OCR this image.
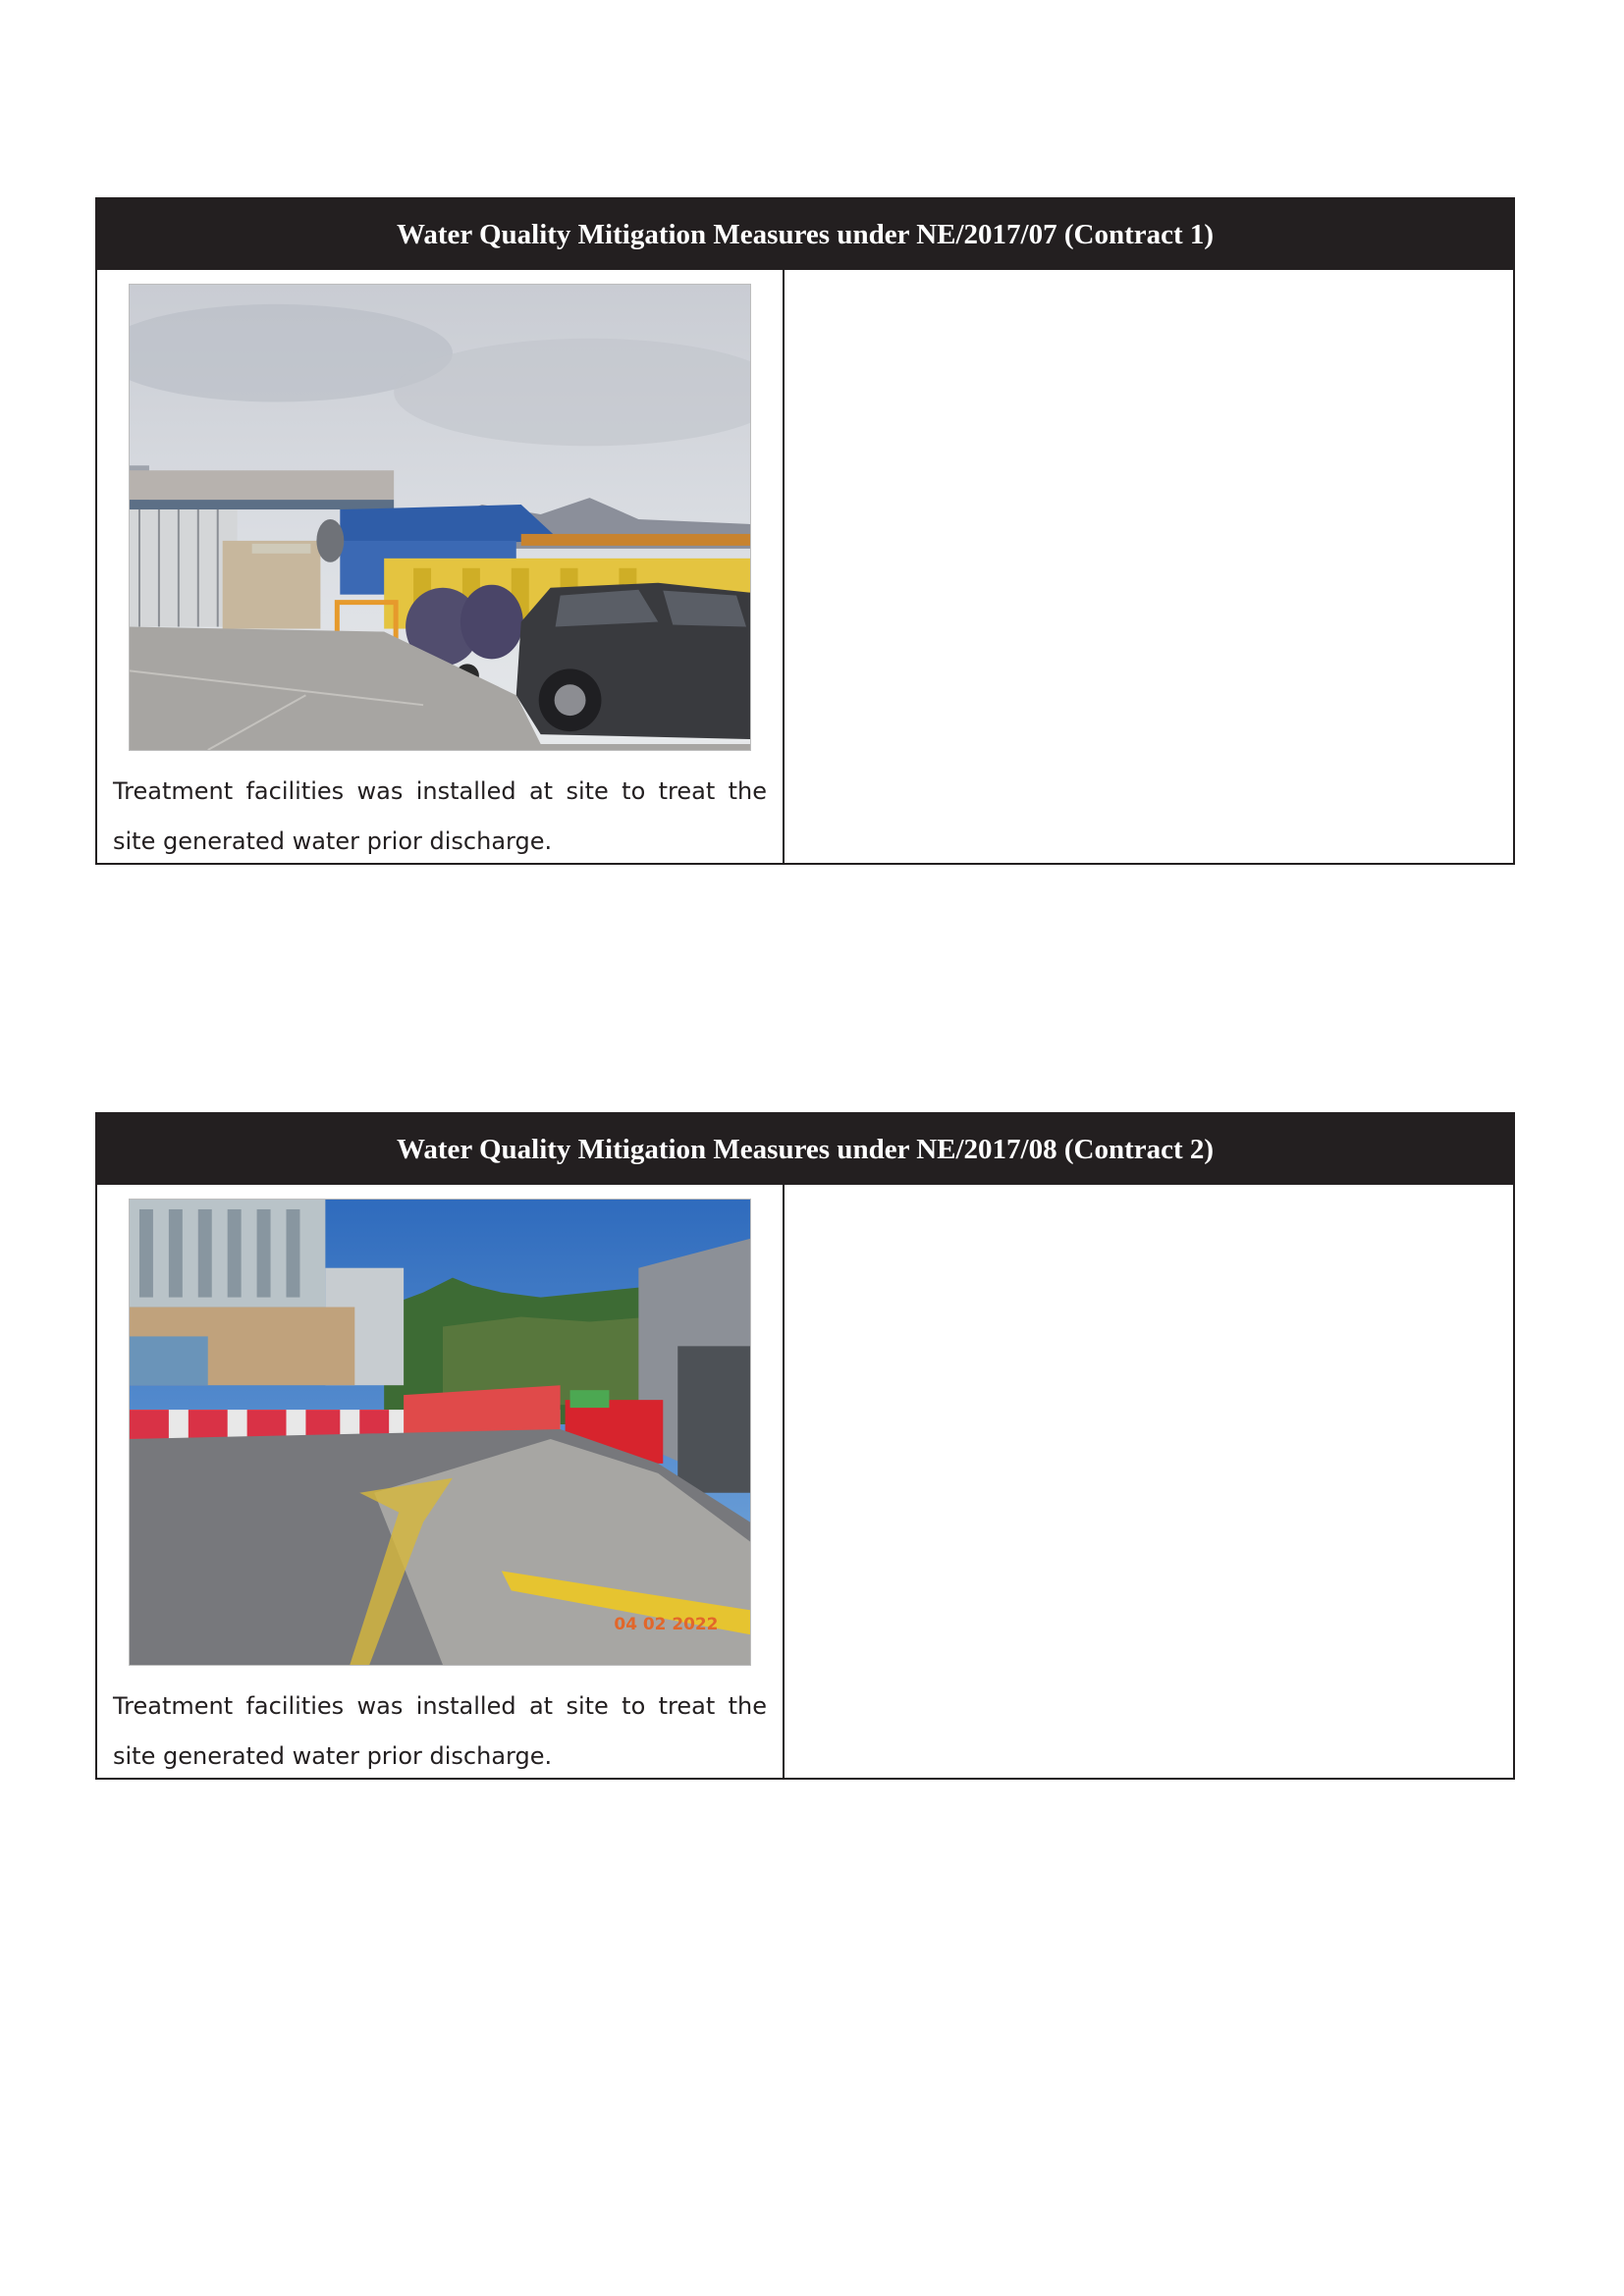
Water Quality Mitigation Measures under NE/2017/07 (Contract 1)
Treatment facilities was installed at site to treat the site generated water prior discharge.
Water Quality Mitigation Measures under NE/2017/08 (Contract 2)
04 02 2022
Treatment facilities was installed at site to treat the site generated water prior discharge.
